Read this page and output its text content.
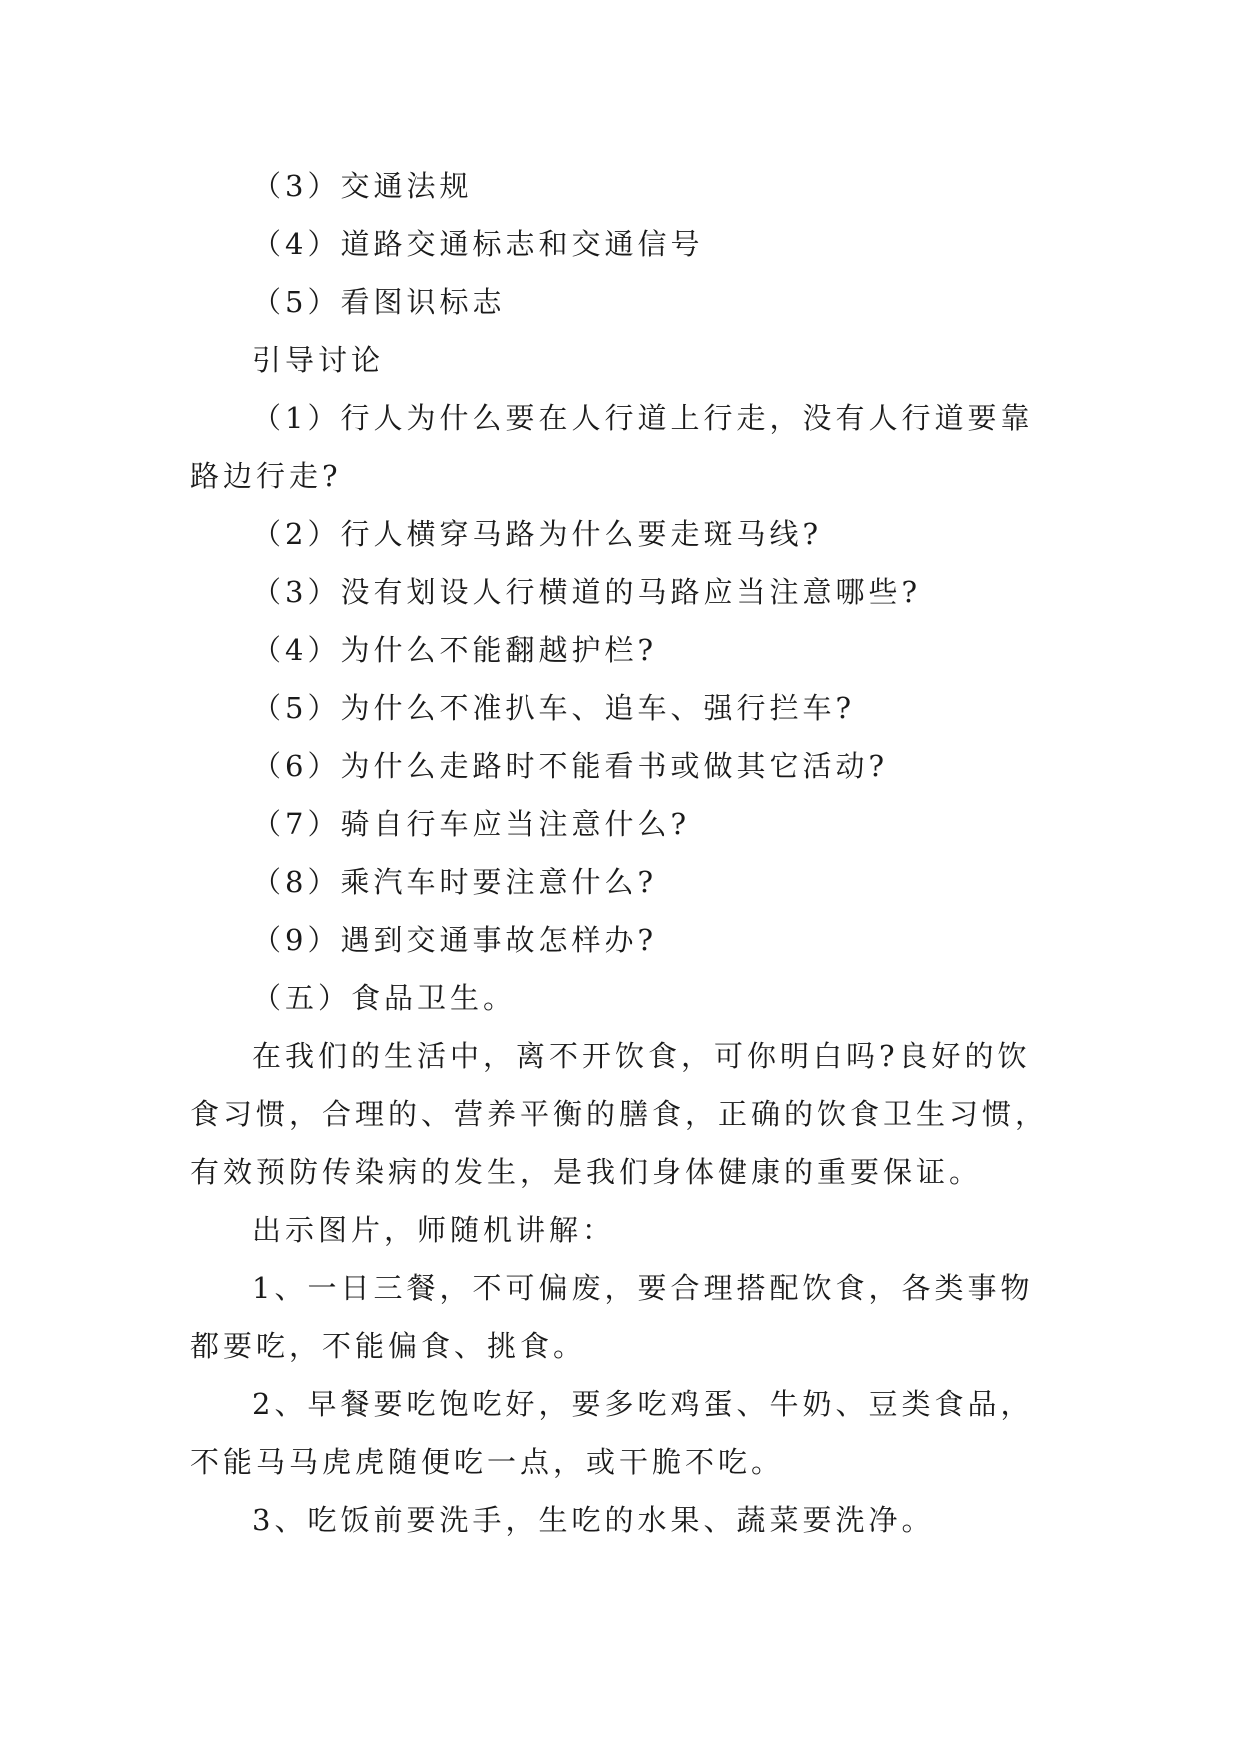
（3）交通法规
（4）道路交通标志和交通信号
（5）看图识标志
引导讨论
（1）行人为什么要在人行道上行走，没有人行道要靠
路边行走?
（2）行人横穿马路为什么要走斑马线?
（3）没有划设人行横道的马路应当注意哪些?
（4）为什么不能翻越护栏?
（5）为什么不准扒车、追车、强行拦车?
（6）为什么走路时不能看书或做其它活动?
（7）骑自行车应当注意什么?
（8）乘汽车时要注意什么?
（9）遇到交通事故怎样办?
（五）食品卫生。
在我们的生活中，离不开饮食，可你明白吗?良好的饮
食习惯，合理的、营养平衡的膳食，正确的饮食卫生习惯，
有效预防传染病的发生，是我们身体健康的重要保证。
出示图片，师随机讲解：
1、一日三餐，不可偏废，要合理搭配饮食，各类事物
都要吃，不能偏食、挑食。
2、早餐要吃饱吃好，要多吃鸡蛋、牛奶、豆类食品，
不能马马虎虎随便吃一点，或干脆不吃。
3、吃饭前要洗手，生吃的水果、蔬菜要洗净。
